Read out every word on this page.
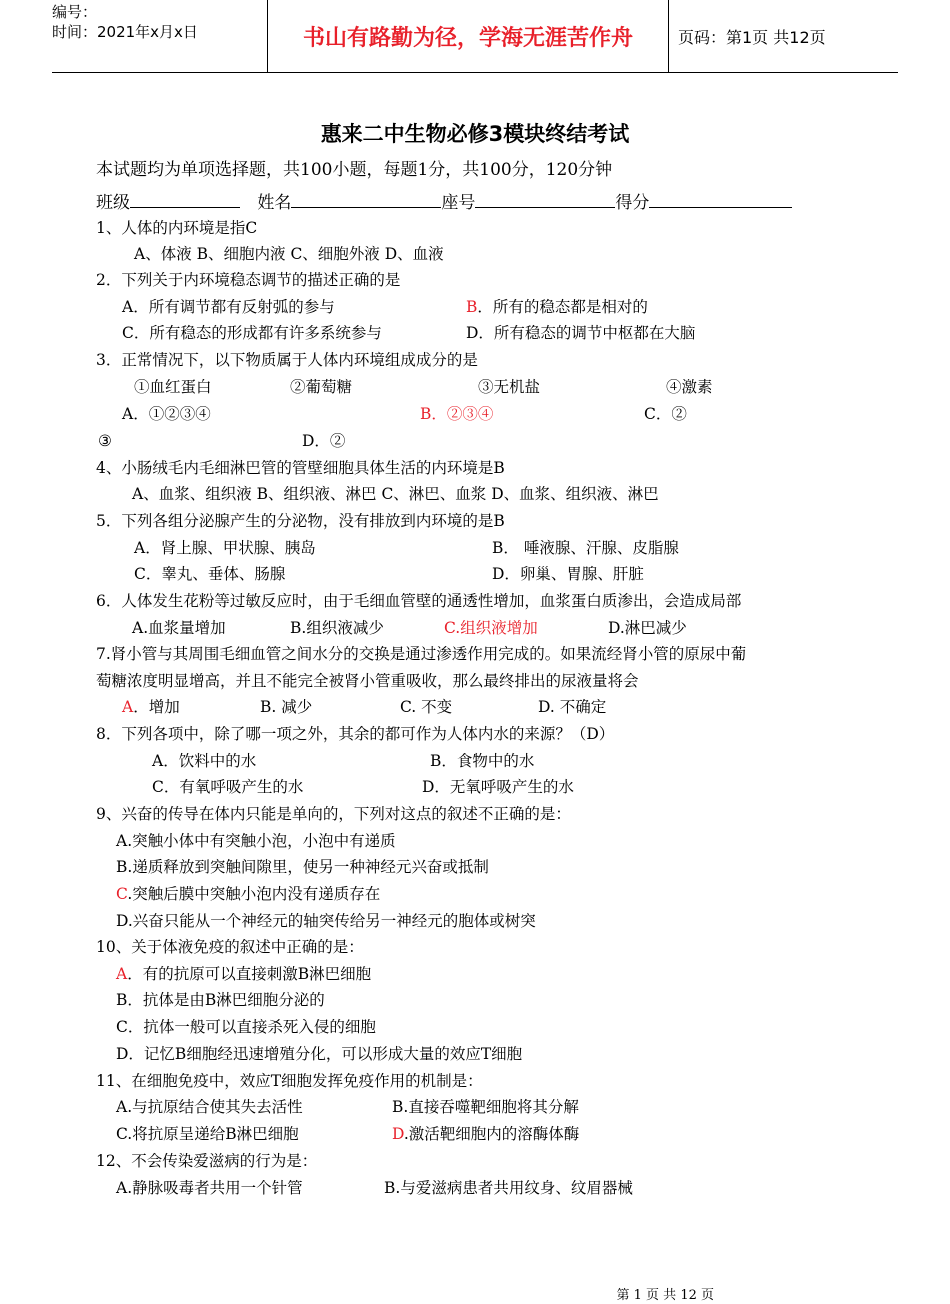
编号：
时间：2021年x月x日	书山有路勤为径，学海无涯苦作舟	页码：第1页 共12页
惠来二中生物必修3模块终结考试
本试题均为单项选择题，共100小题，每题1分，共100分，120分钟
班级	姓名	座号	得分
1、人体的内环境是指C
A、体液 B、细胞内液 C、细胞外液 D、血液
2．下列关于内环境稳态调节的描述正确的是
A．所有调节都有反射弧的参与	B．所有的稳态都是相对的
C．所有稳态的形成都有许多系统参与	D．所有稳态的调节中枢都在大脑
3．正常情况下，以下物质属于人体内环境组成成分的是
①血红蛋白	②葡萄糖	③无机盐	④激素
A．①②③④	B．②③④	C．②
③	D．②
4、小肠绒毛内毛细淋巴管的管壁细胞具体生活的内环境是B
A、血浆、组织液 B、组织液、淋巴 C、淋巴、血浆 D、血浆、组织液、淋巴
5．下列各组分泌腺产生的分泌物，没有排放到内环境的是B
A．肾上腺、甲状腺、胰岛	B． 唾液腺、汗腺、皮脂腺
C．睾丸、垂体、肠腺	D．卵巢、胃腺、肝脏
6．人体发生花粉等过敏反应时，由于毛细血管壁的通透性增加，血浆蛋白质渗出，会造成局部
A.血浆量增加	B.组织液减少	C.组织液增加	D.淋巴减少
7.肾小管与其周围毛细血管之间水分的交换是通过渗透作用完成的。如果流经肾小管的原尿中葡
萄糖浓度明显增高，并且不能完全被肾小管重吸收，那么最终排出的尿液量将会
A．增加	B. 减少	C. 不变	D. 不确定
8．下列各项中，除了哪一项之外，其余的都可作为人体内水的来源？（D）
A．饮料中的水	B．食物中的水
C．有氧呼吸产生的水	D．无氧呼吸产生的水
9、兴奋的传导在体内只能是单向的，下列对这点的叙述不正确的是：
A.突触小体中有突触小泡，小泡中有递质
B.递质释放到突触间隙里，使另一种神经元兴奋或抵制
C.突触后膜中突触小泡内没有递质存在
D.兴奋只能从一个神经元的轴突传给另一神经元的胞体或树突
10、关于体液免疫的叙述中正确的是：
A．有的抗原可以直接刺激B淋巴细胞
B．抗体是由B淋巴细胞分泌的
C．抗体一般可以直接杀死入侵的细胞
D．记忆B细胞经迅速增殖分化，可以形成大量的效应T细胞
11、在细胞免疫中，效应T细胞发挥免疫作用的机制是：
A.与抗原结合使其失去活性	B.直接吞噬靶细胞将其分解
C.将抗原呈递给B淋巴细胞	D.激活靶细胞内的溶酶体酶
12、不会传染爱滋病的行为是：
A.静脉吸毒者共用一个针管	B.与爱滋病患者共用纹身、纹眉器械
第 1 页 共 12 页
